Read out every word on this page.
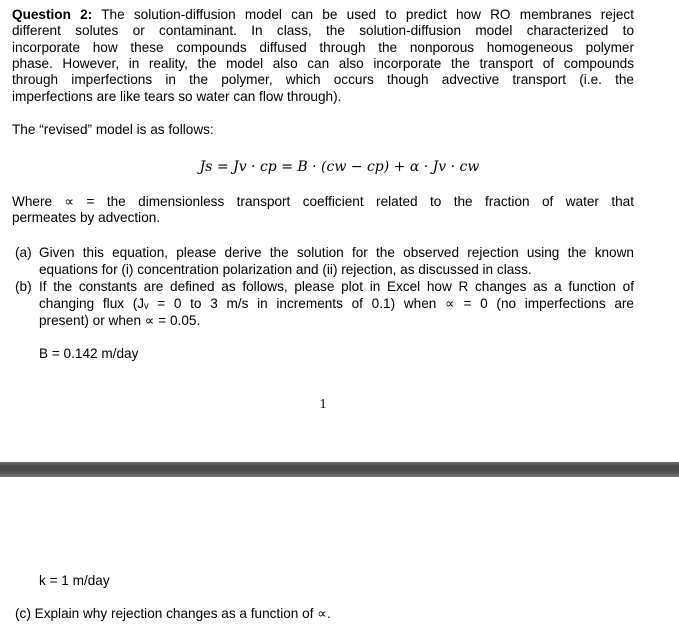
Question 2: The solution-diffusion model can be used to predict how RO membranes reject
different solutes or contaminant. In class, the solution-diffusion model characterized to
incorporate how these compounds diffused through the nonporous homogeneous polymer
phase. However, in reality, the model also can also incorporate the transport of compounds
through imperfections in the polymer, which occurs though advective transport (i.e. the
imperfections are like tears so water can flow through).
The “revised” model is as follows:
Js = Jv · cp = B · (cw − cp) + α · Jv · cw
Where ∝ = the dimensionless transport coefficient related to the fraction of water that
permeates by advection.
(a) Given this equation, please derive the solution for the observed rejection using the known
equations for (i) concentration polarization and (ii) rejection, as discussed in class.
(b) If the constants are defined as follows, please plot in Excel how R changes as a function of
changing flux (Jᵥ = 0 to 3 m/s in increments of 0.1) when ∝ = 0 (no imperfections are
present) or when ∝ = 0.05.
B = 0.142 m/day
1
k = 1 m/day
(c) Explain why rejection changes as a function of ∝.
